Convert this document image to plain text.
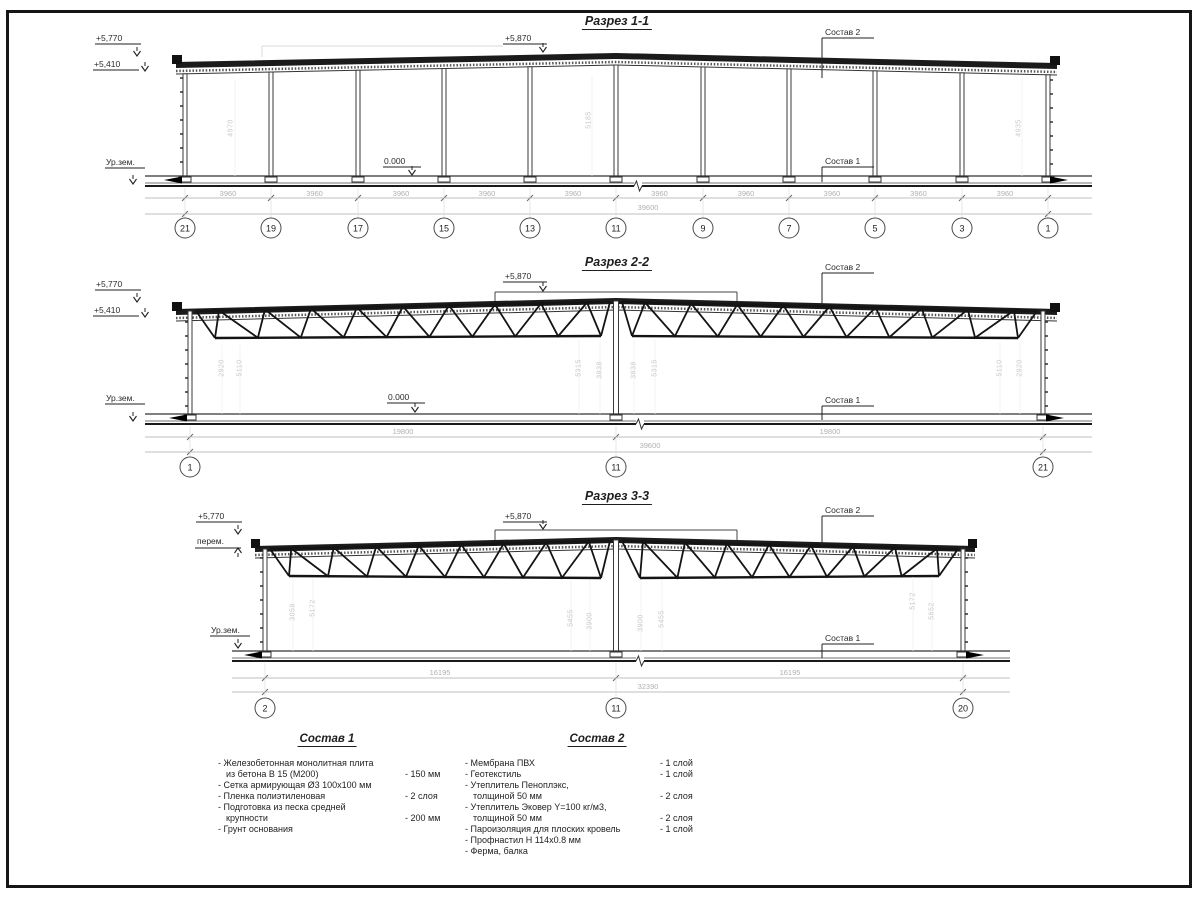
Разрез 1-1
+5,770
+5,410
+5,870
Ур.зем.	0.000
Состав 2
Состав 1
39600
Разрез 2-2
+5,770
+5,410
+5,870
Ур.зем.	0.000
Состав 2
Состав 1
39600
Разрез 3-3
+5,770
перем.
+5,870
Ур.зем.
Состав 2
Состав 1
32390
Состав 1	Состав 2
- Железобетонная монолитная плита
из бетона В 15 (М200)	- 150 мм
- Сетка армирующая Ø3 100х100 мм
- Пленка полиэтиленовая	- 2 слоя
- Подготовка из песка средней
крупности	- 200 мм
- Грунт основания
- Мембрана ПВХ	- 1 слой
- Геотекстиль	- 1 слой
- Утеплитель Пеноплэкс,
толщиной 50 мм	- 2 слоя
- Утеплитель Эковер Y=100 кг/м3,
толщиной 50 мм	- 2 слоя
- Пароизоляция для плоских кровель	- 1 слой
- Профнастил Н 114х0.8 мм
- Ферма, балка
3960	3960	3960	3960	3960	3960	3960	3960	3960	3960
21	19	17	15	13	11	9	7	5	3	1
4970	5185	4935
19800	19800
1	11	21
2920 5110	5315 3838	3838 5315	5110 2920
16195	16195
2	11	20
3059 5172
5455 3900	3900 5455
5172
5652
